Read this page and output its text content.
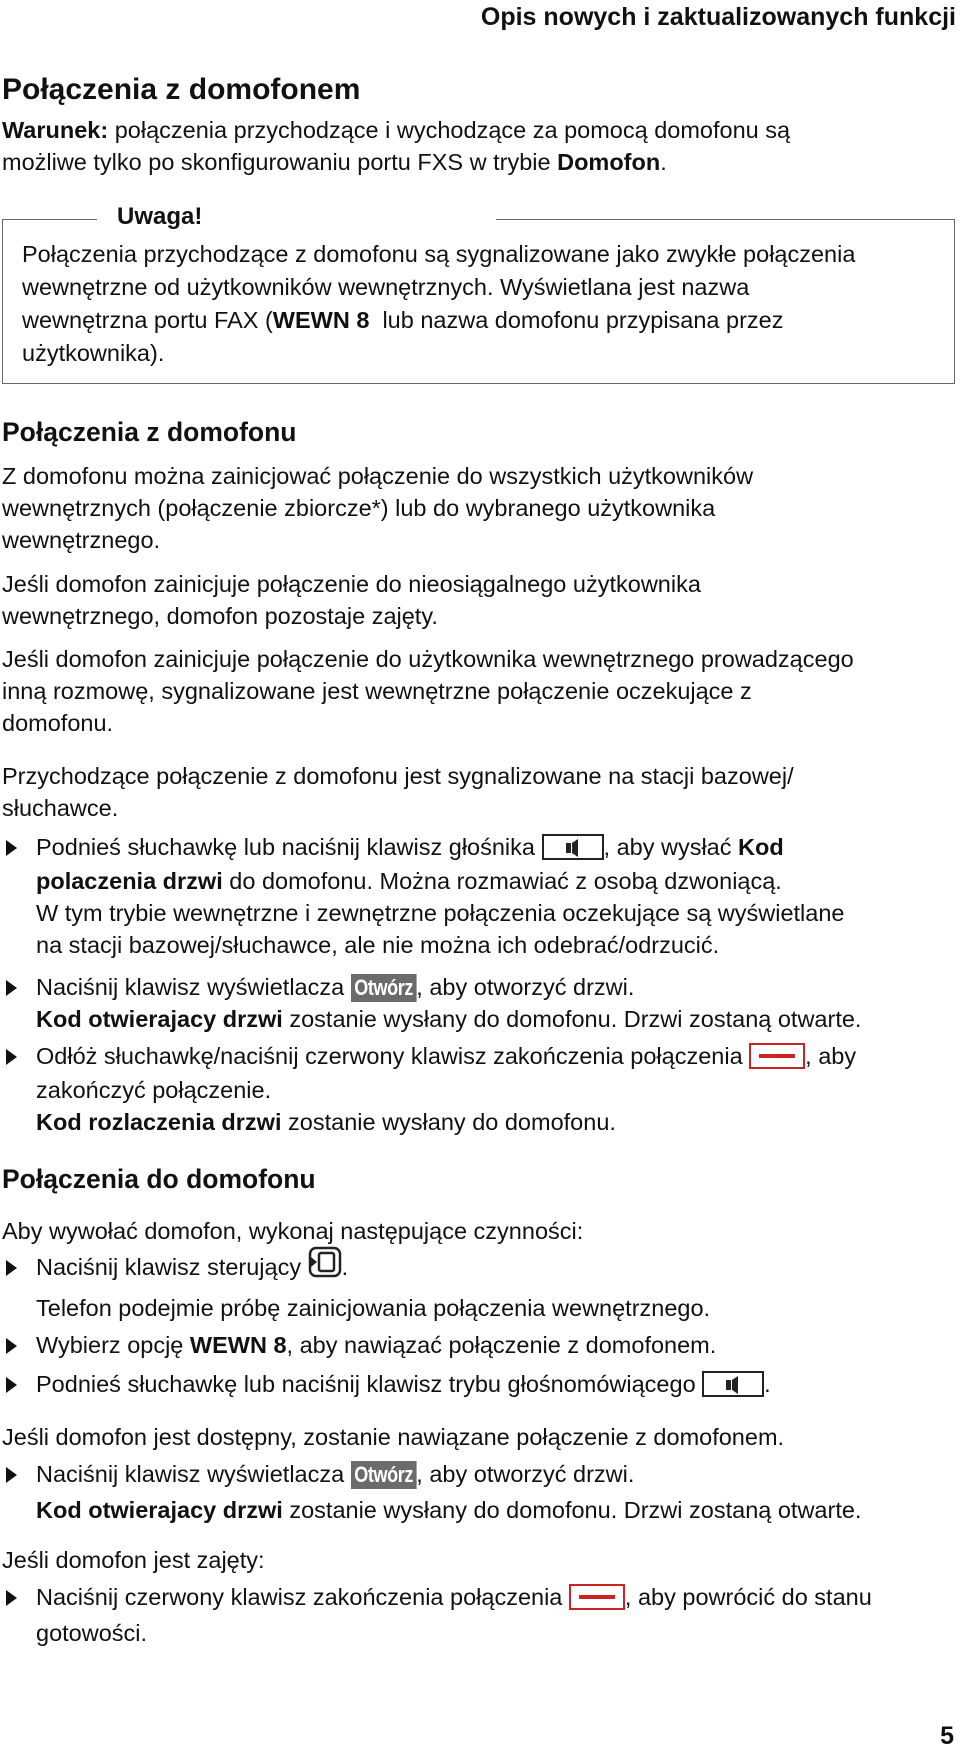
Opis nowych i zaktualizowanych funkcji
Połączenia z domofonem
Warunek: połączenia przychodzące i wychodzące za pomocą domofonu są
możliwe tylko po skonfigurowaniu portu FXS w trybie Domofon.
Uwaga!
Połączenia przychodzące z domofonu są sygnalizowane jako zwykłe połączenia
wewnętrzne od użytkowników wewnętrznych. Wyświetlana jest nazwa
wewnętrzna portu FAX (WEWN 8  lub nazwa domofonu przypisana przez
użytkownika).
Połączenia z domofonu
Z domofonu można zainicjować połączenie do wszystkich użytkowników
wewnętrznych (połączenie zbiorcze*) lub do wybranego użytkownika
wewnętrznego.
Jeśli domofon zainicjuje połączenie do nieosiągalnego użytkownika
wewnętrznego, domofon pozostaje zajęty.
Jeśli domofon zainicjuje połączenie do użytkownika wewnętrznego prowadzącego
inną rozmowę, sygnalizowane jest wewnętrzne połączenie oczekujące z
domofonu.
Przychodzące połączenie z domofonu jest sygnalizowane na stacji bazowej/
słuchawce.
Podnieś słuchawkę lub naciśnij klawisz głośnika	, aby wysłać Kod
polaczenia drzwi do domofonu. Można rozmawiać z osobą dzwoniącą.
W tym trybie wewnętrzne i zewnętrzne połączenia oczekujące są wyświetlane
na stacji bazowej/słuchawce, ale nie można ich odebrać/odrzucić.
Naciśnij klawisz wyświetlacza Otwórz , aby otworzyć drzwi.
Kod otwierajacy drzwi zostanie wysłany do domofonu. Drzwi zostaną otwarte.
Odłóż słuchawkę/naciśnij czerwony klawisz zakończenia połączenia , aby
zakończyć połączenie.
Kod rozlaczenia drzwi zostanie wysłany do domofonu.
Połączenia do domofonu
Aby wywołać domofon, wykonaj następujące czynności:
Naciśnij klawisz sterujący .
Telefon podejmie próbę zainicjowania połączenia wewnętrznego.
Wybierz opcję WEWN 8, aby nawiązać połączenie z domofonem.
Podnieś słuchawkę lub naciśnij klawisz trybu głośnomówiącego	.
Jeśli domofon jest dostępny, zostanie nawiązane połączenie z domofonem.
Naciśnij klawisz wyświetlacza Otwórz , aby otworzyć drzwi.
Kod otwierajacy drzwi zostanie wysłany do domofonu. Drzwi zostaną otwarte.
Jeśli domofon jest zajęty:
Naciśnij czerwony klawisz zakończenia połączenia , aby powrócić do stanu
gotowości.
5
